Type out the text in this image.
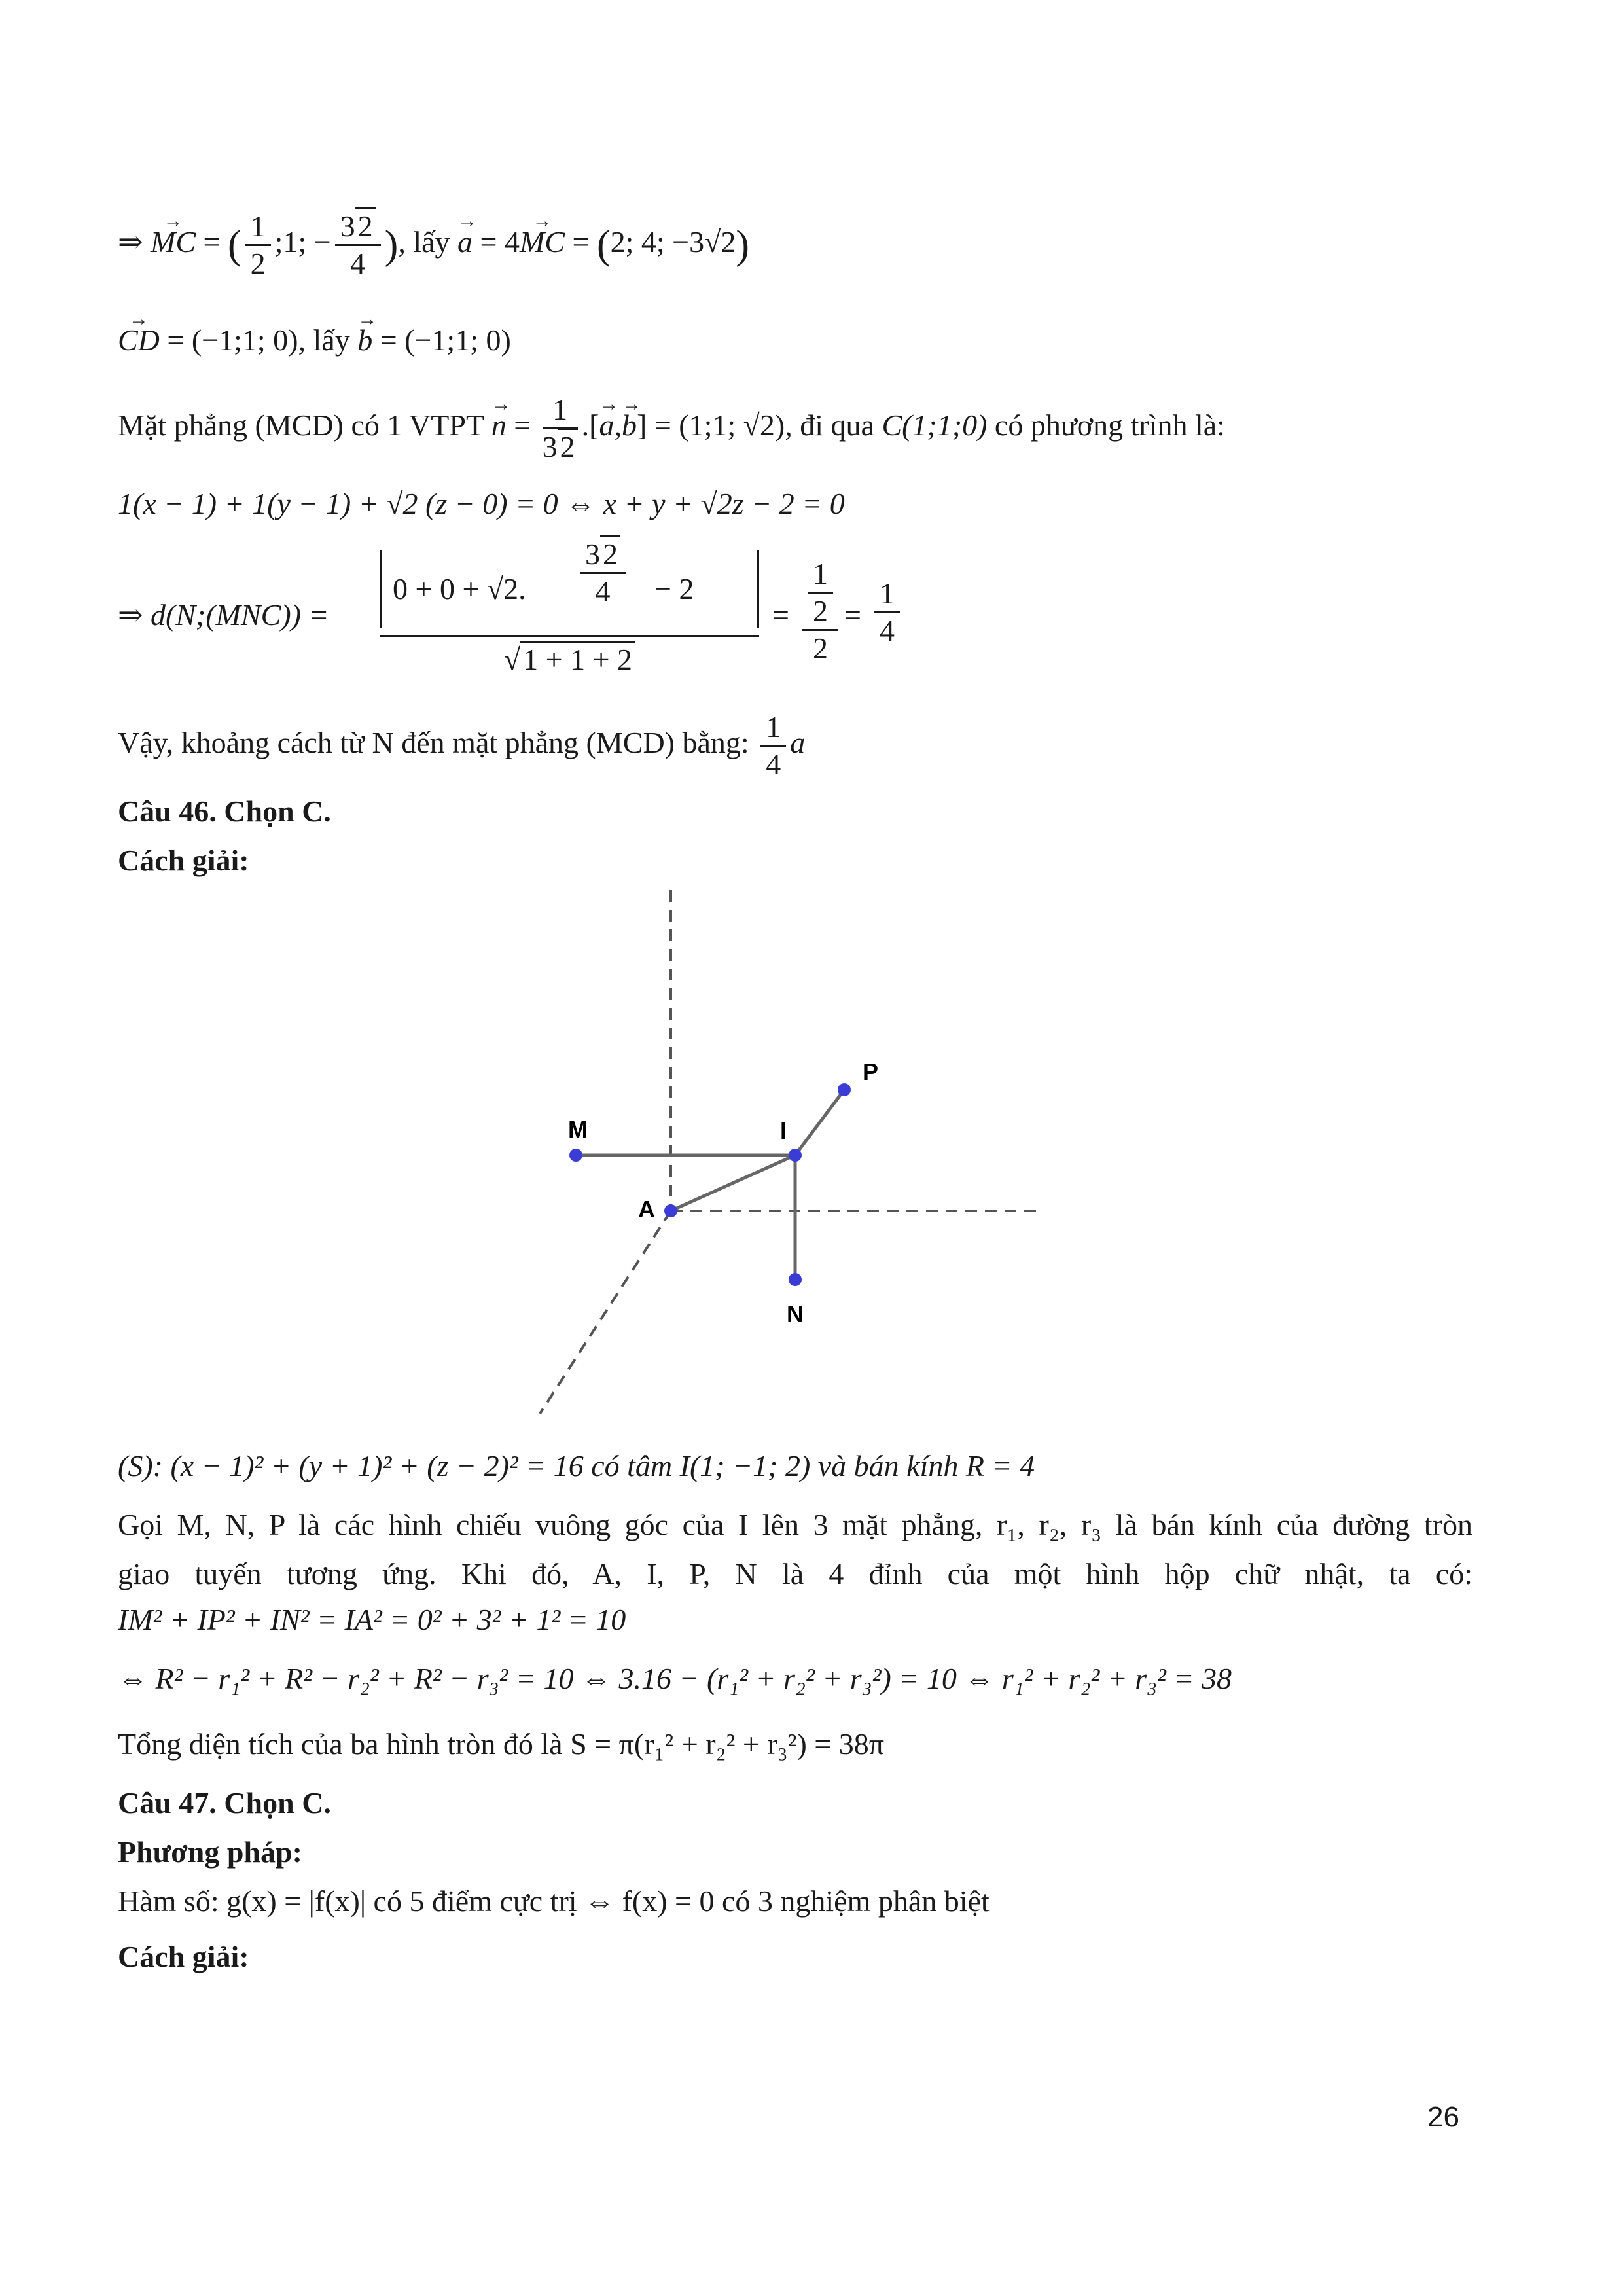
⇒ → MC = ( $\frac{1}{2}$ ;1; − $\frac{32}{4}$ ), lấy → a = 4→ MC = (2; 4; −3√2)
→ CD = (−1;1; 0), lấy → b = (−1;1; 0)
Mặt phẳng (MCD) có 1 VTPT → $n = \frac{1}{32}$ .[→ a,→ b] = (1;1; √2), đi qua C(1;1;0) có phương trình là:
1(x − 1) + 1(y − 1) + √2 (z − 0) = 0 ⇔ x + y + √2z − 2 = 0
⇒ d(N;(MNC)) =
0 + 0 + √2. $\frac{32}{4} - 2$
√1 + 1 + 2
= $\frac{\frac{1}{2}}{2} = \frac{1}{4}$
Vậy, khoảng cách từ N đến mặt phẳng (MCD) bằng: $\frac{1}{4}$ a
Câu 46. Chọn C.
Cách giải:
M	I
P
A
N
(S): (x − 1)² + (y + 1)² + (z − 2)² = 16 có tâm I(1; −1; 2) và bán kính R = 4
Gọi M, N, P là các hình chiếu vuông góc của I lên 3 mặt phẳng, r₁, r₂, r₃ là bán kính của đường tròn
giao tuyến tương ứng. Khi đó, A, I, P, N là 4 đỉnh của một hình hộp chữ nhật, ta có:
IM² + IP² + IN² = IA² = 0² + 3² + 1² = 10
⇔ R² − r₁² + R² − r₂² + R² − r₃² = 10 ⇔ 3.16 − (r₁² + r₂² + r₃²) = 10 ⇔ r₁² + r₂² + r₃² = 38
Tổng diện tích của ba hình tròn đó là S = π(r₁² + r₂² + r₃²) = 38π
Câu 47. Chọn C.
Phương pháp:
Hàm số: g(x) = |f(x)| có 5 điểm cực trị ⇔ f(x) = 0 có 3 nghiệm phân biệt
Cách giải:
26
